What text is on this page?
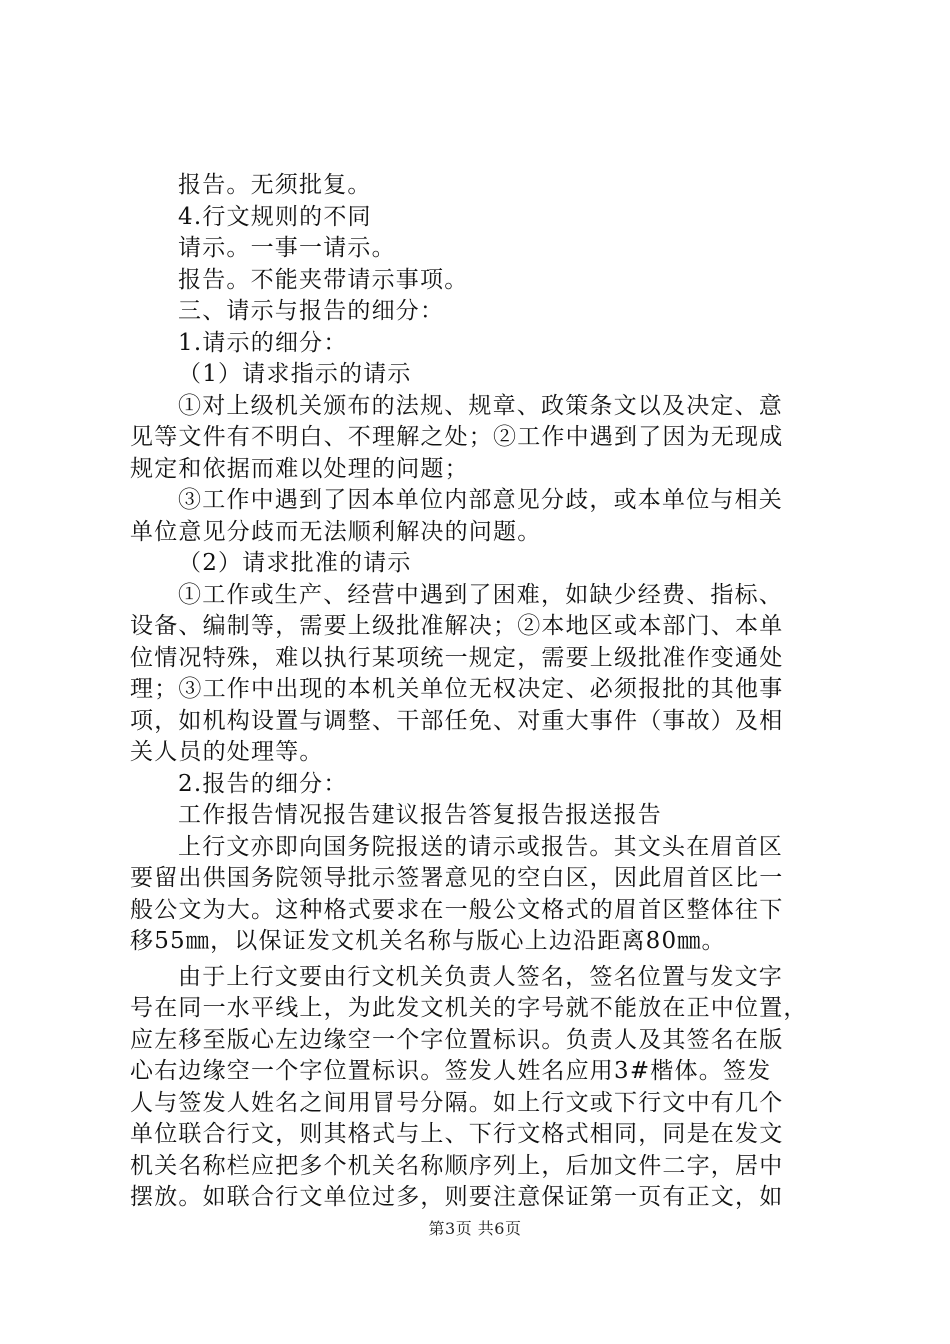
报告。无须批复。
4.行文规则的不同
请示。一事一请示。
报告。不能夹带请示事项。
三、请示与报告的细分：
1.请示的细分：
（1）请求指示的请示
①对上级机关颁布的法规、规章、政策条文以及决定、意
见等文件有不明白、不理解之处；②工作中遇到了因为无现成
规定和依据而难以处理的问题；
③工作中遇到了因本单位内部意见分歧，或本单位与相关
单位意见分歧而无法顺利解决的问题。
（2）请求批准的请示
①工作或生产、经营中遇到了困难，如缺少经费、指标、
设备、编制等，需要上级批准解决；②本地区或本部门、本单
位情况特殊，难以执行某项统一规定，需要上级批准作变通处
理；③工作中出现的本机关单位无权决定、必须报批的其他事
项，如机构设置与调整、干部任免、对重大事件（事故）及相
关人员的处理等。
2.报告的细分：
工作报告情况报告建议报告答复报告报送报告
上行文亦即向国务院报送的请示或报告。其文头在眉首区
要留出供国务院领导批示签署意见的空白区，因此眉首区比一
般公文为大。这种格式要求在一般公文格式的眉首区整体往下
移55㎜，以保证发文机关名称与版心上边沿距离80㎜。
由于上行文要由行文机关负责人签名，签名位置与发文字
号在同一水平线上，为此发文机关的字号就不能放在正中位置，
应左移至版心左边缘空一个字位置标识。负责人及其签名在版
心右边缘空一个字位置标识。签发人姓名应用3#楷体。签发
人与签发人姓名之间用冒号分隔。如上行文或下行文中有几个
单位联合行文，则其格式与上、下行文格式相同，同是在发文
机关名称栏应把多个机关名称顺序列上，后加文件二字，居中
摆放。如联合行文单位过多，则要注意保证第一页有正文，如
第3页 共6页
